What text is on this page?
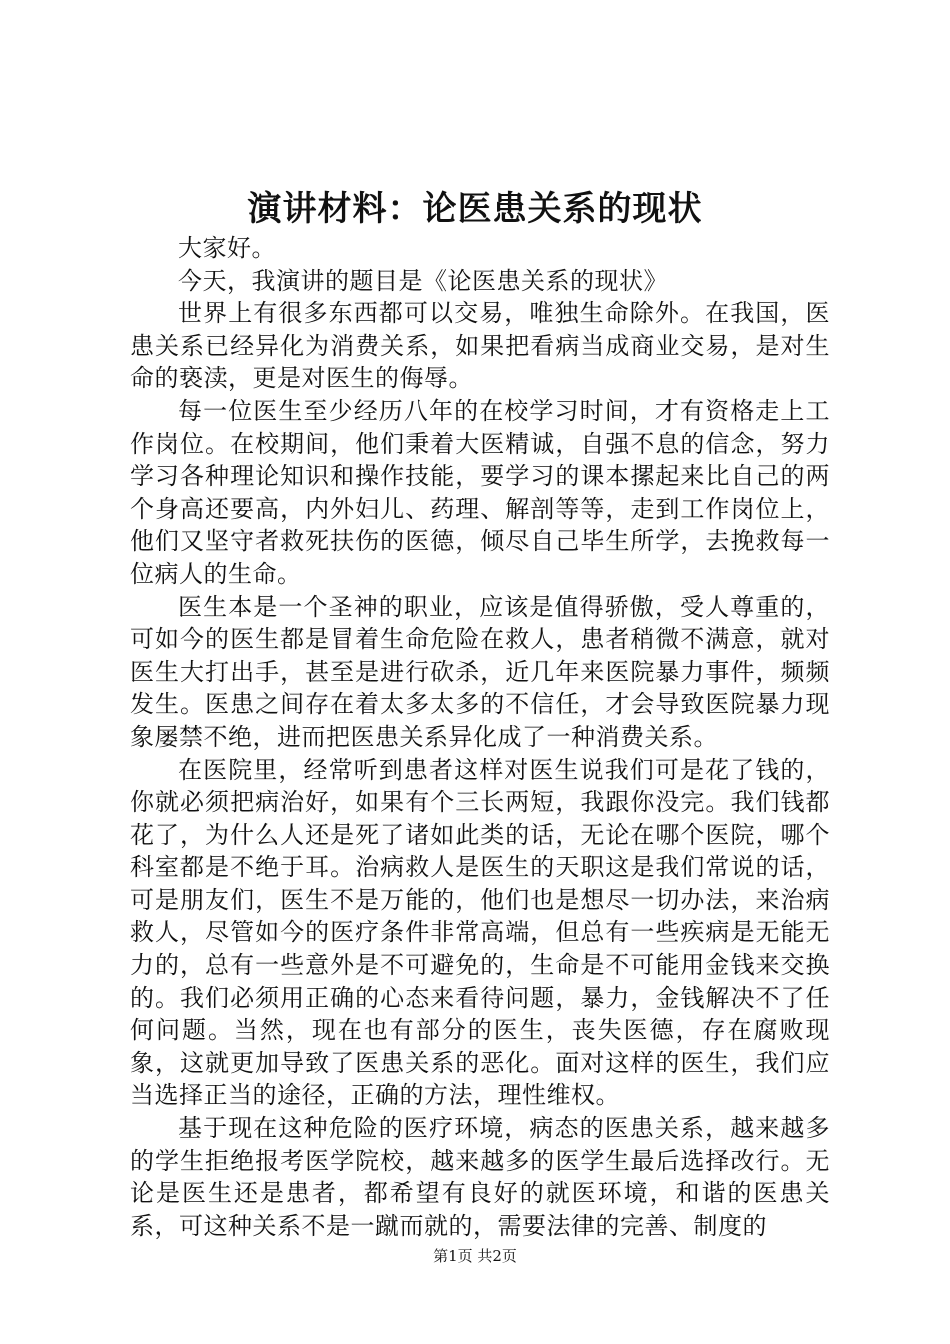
演讲材料：论医患关系的现状

大家好。

今天，我演讲的题目是《论医患关系的现状》

世界上有很多东西都可以交易，唯独生命除外。在我国，医患关系已经异化为消费关系，如果把看病当成商业交易，是对生命的亵渎，更是对医生的侮辱。

每一位医生至少经历八年的在校学习时间，才有资格走上工作岗位。在校期间，他们秉着大医精诚，自强不息的信念，努力学习各种理论知识和操作技能，要学习的课本摞起来比自己的两个身高还要高，内外妇儿、药理、解剖等等，走到工作岗位上，他们又坚守者救死扶伤的医德，倾尽自己毕生所学，去挽救每一位病人的生命。

医生本是一个圣神的职业，应该是值得骄傲，受人尊重的，可如今的医生都是冒着生命危险在救人，患者稍微不满意，就对医生大打出手，甚至是进行砍杀，近几年来医院暴力事件，频频发生。医患之间存在着太多太多的不信任，才会导致医院暴力现象屡禁不绝，进而把医患关系异化成了一种消费关系。

在医院里，经常听到患者这样对医生说我们可是花了钱的，你就必须把病治好，如果有个三长两短，我跟你没完。我们钱都花了，为什么人还是死了诸如此类的话，无论在哪个医院，哪个科室都是不绝于耳。治病救人是医生的天职这是我们常说的话，可是朋友们，医生不是万能的，他们也是想尽一切办法，来治病救人，尽管如今的医疗条件非常高端，但总有一些疾病是无能无力的，总有一些意外是不可避免的，生命是不可能用金钱来交换的。我们必须用正确的心态来看待问题，暴力，金钱解决不了任何问题。当然，现在也有部分的医生，丧失医德，存在腐败现象，这就更加导致了医患关系的恶化。面对这样的医生，我们应当选择正当的途径，正确的方法，理性维权。

基于现在这种危险的医疗环境，病态的医患关系，越来越多的学生拒绝报考医学院校，越来越多的医学生最后选择改行。无论是医生还是患者，都希望有良好的就医环境，和谐的医患关系，可这种关系不是一蹴而就的，需要法律的完善、制度的

第1页 共2页
